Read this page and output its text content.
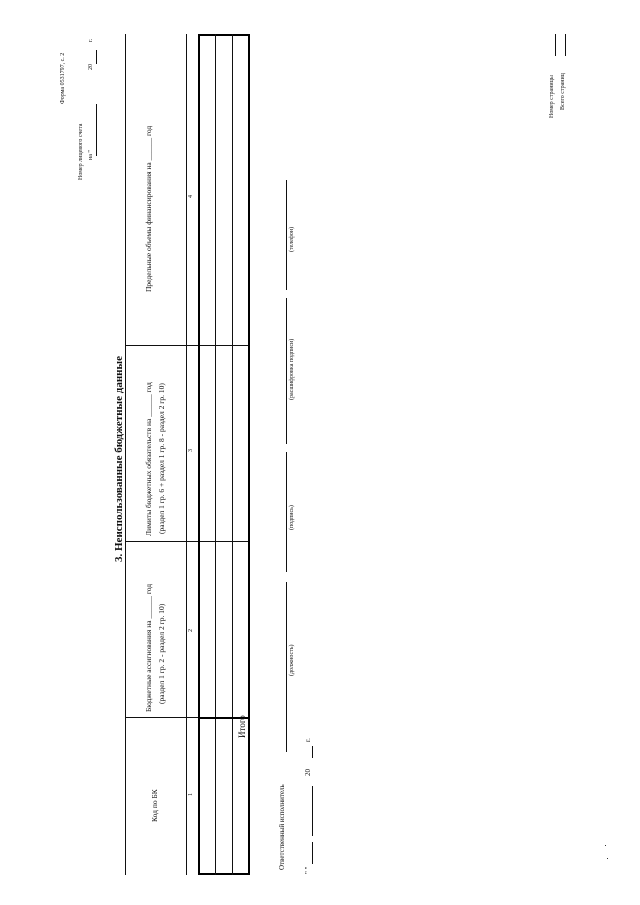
Форма 0531797, с. 2
Номер лицевого счета на "
20
г.
3. Неиспользованные бюджетные данные
Код по БК
Бюджетные ассигнования на ______ год (раздел 1 гр. 2 - раздел 2 гр. 10)
Лимиты бюджетных обязательств на ______ год (раздел 1 гр. 6 + раздел 1 гр. 8 - раздел 2 гр. 10)
Предельные объемы финансирования на ______ год
1
2
3
4
Итого
Ответственный исполнитель
(должность)
(подпись)
(расшифровка подписи)
(телефон)
" "
20
г.
Номер страницы Всего страниц
